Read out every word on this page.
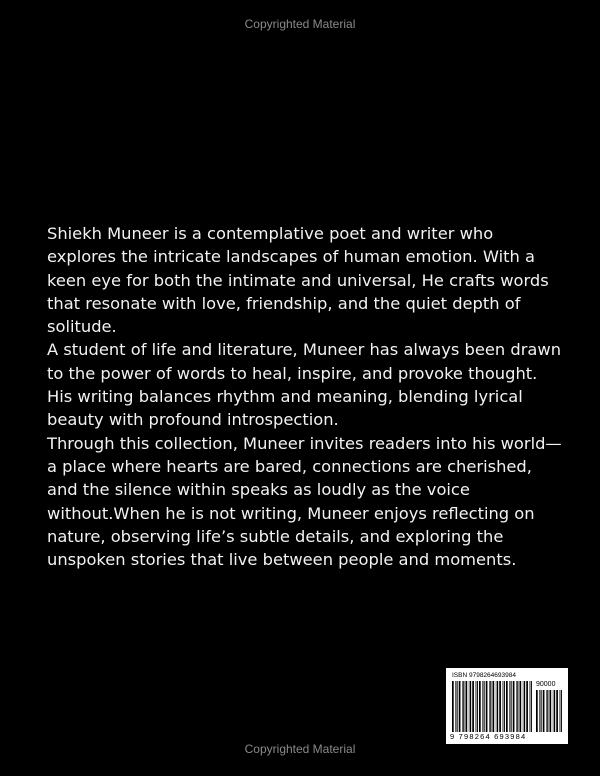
Copyrighted Material

Shiekh Muneer is a contemplative poet and writer who explores the intricate landscapes of human emotion. With a keen eye for both the intimate and universal, He crafts words that resonate with love, friendship, and the quiet depth of solitude.

A student of life and literature, Muneer has always been drawn to the power of words to heal, inspire, and provoke thought. His writing balances rhythm and meaning, blending lyrical beauty with profound introspection.

Through this collection, Muneer invites readers into his world—a place where hearts are bared, connections are cherished, and the silence within speaks as loudly as the voice without.When he is not writing, Muneer enjoys reflecting on nature, observing life’s subtle details, and exploring the unspoken stories that live between people and moments.

ISBN 9798264693984
90000
9 798264 693984
Copyrighted Material
